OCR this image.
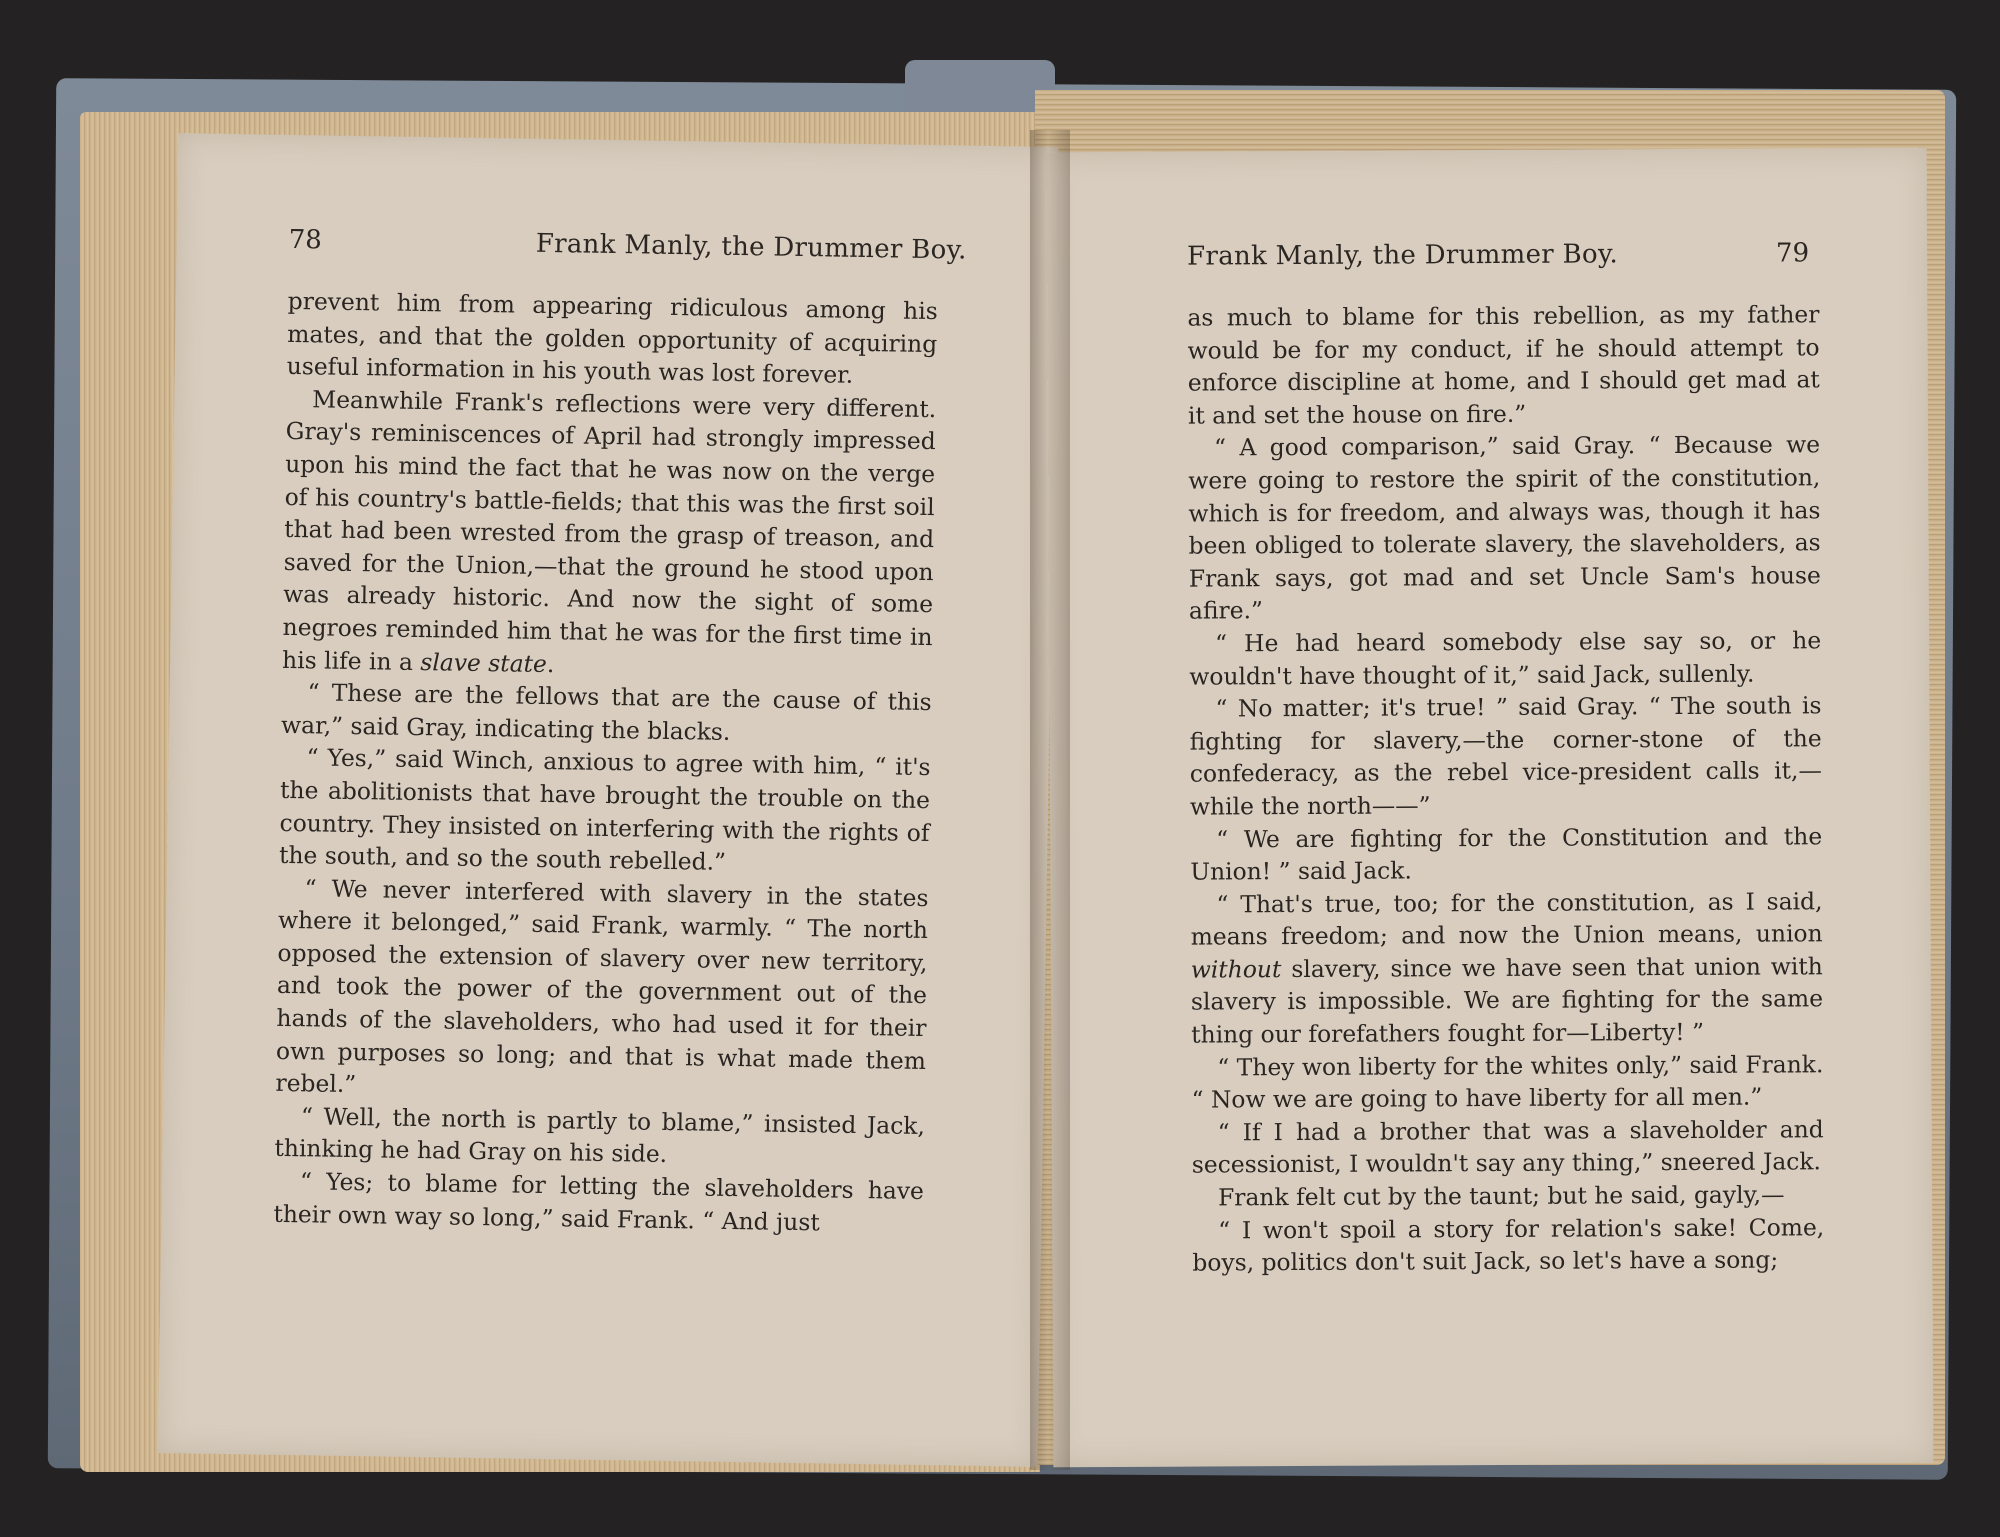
78	Frank Manly, the Drummer Boy.

prevent him from appearing ridiculous among his mates, and that the golden opportunity of acquiring useful information in his youth was lost forever.

Meanwhile Frank's reflections were very different. Gray's reminiscences of April had strongly impressed upon his mind the fact that he was now on the verge of his country's battle-fields; that this was the first soil that had been wrested from the grasp of treason, and saved for the Union,—that the ground he stood upon was already historic. And now the sight of some negroes reminded him that he was for the first time in his life in a slave state.

“ These are the fellows that are the cause of this war,” said Gray, indicating the blacks.

“ Yes,” said Winch, anxious to agree with him, “ it's the abolitionists that have brought the trouble on the country. They insisted on interfering with the rights of the south, and so the south rebelled.”

“ We never interfered with slavery in the states where it belonged,” said Frank, warmly. “ The north opposed the extension of slavery over new territory, and took the power of the government out of the hands of the slaveholders, who had used it for their own purposes so long; and that is what made them rebel.”

“ Well, the north is partly to blame,” insisted Jack, thinking he had Gray on his side.

“ Yes; to blame for letting the slaveholders have their own way so long,” said Frank. “ And just

Frank Manly, the Drummer Boy.	79

as much to blame for this rebellion, as my father would be for my conduct, if he should attempt to enforce discipline at home, and I should get mad at it and set the house on fire.”

“ A good comparison,” said Gray. “ Because we were going to restore the spirit of the constitution, which is for freedom, and always was, though it has been obliged to tolerate slavery, the slaveholders, as Frank says, got mad and set Uncle Sam's house afire.”

“ He had heard somebody else say so, or he wouldn't have thought of it,” said Jack, sullenly.

“ No matter; it's true! ” said Gray. “ The south is fighting for slavery,—the corner-stone of the confederacy, as the rebel vice-president calls it,—while the north——”

“ We are fighting for the Constitution and the Union! ” said Jack.

“ That's true, too; for the constitution, as I said, means freedom; and now the Union means, union without slavery, since we have seen that union with slavery is impossible. We are fighting for the same thing our forefathers fought for—Liberty! ”

“ They won liberty for the whites only,” said Frank. “ Now we are going to have liberty for all men.”

“ If I had a brother that was a slaveholder and secessionist, I wouldn't say any thing,” sneered Jack.

Frank felt cut by the taunt; but he said, gayly,—

“ I won't spoil a story for relation's sake! Come, boys, politics don't suit Jack, so let's have a song;
